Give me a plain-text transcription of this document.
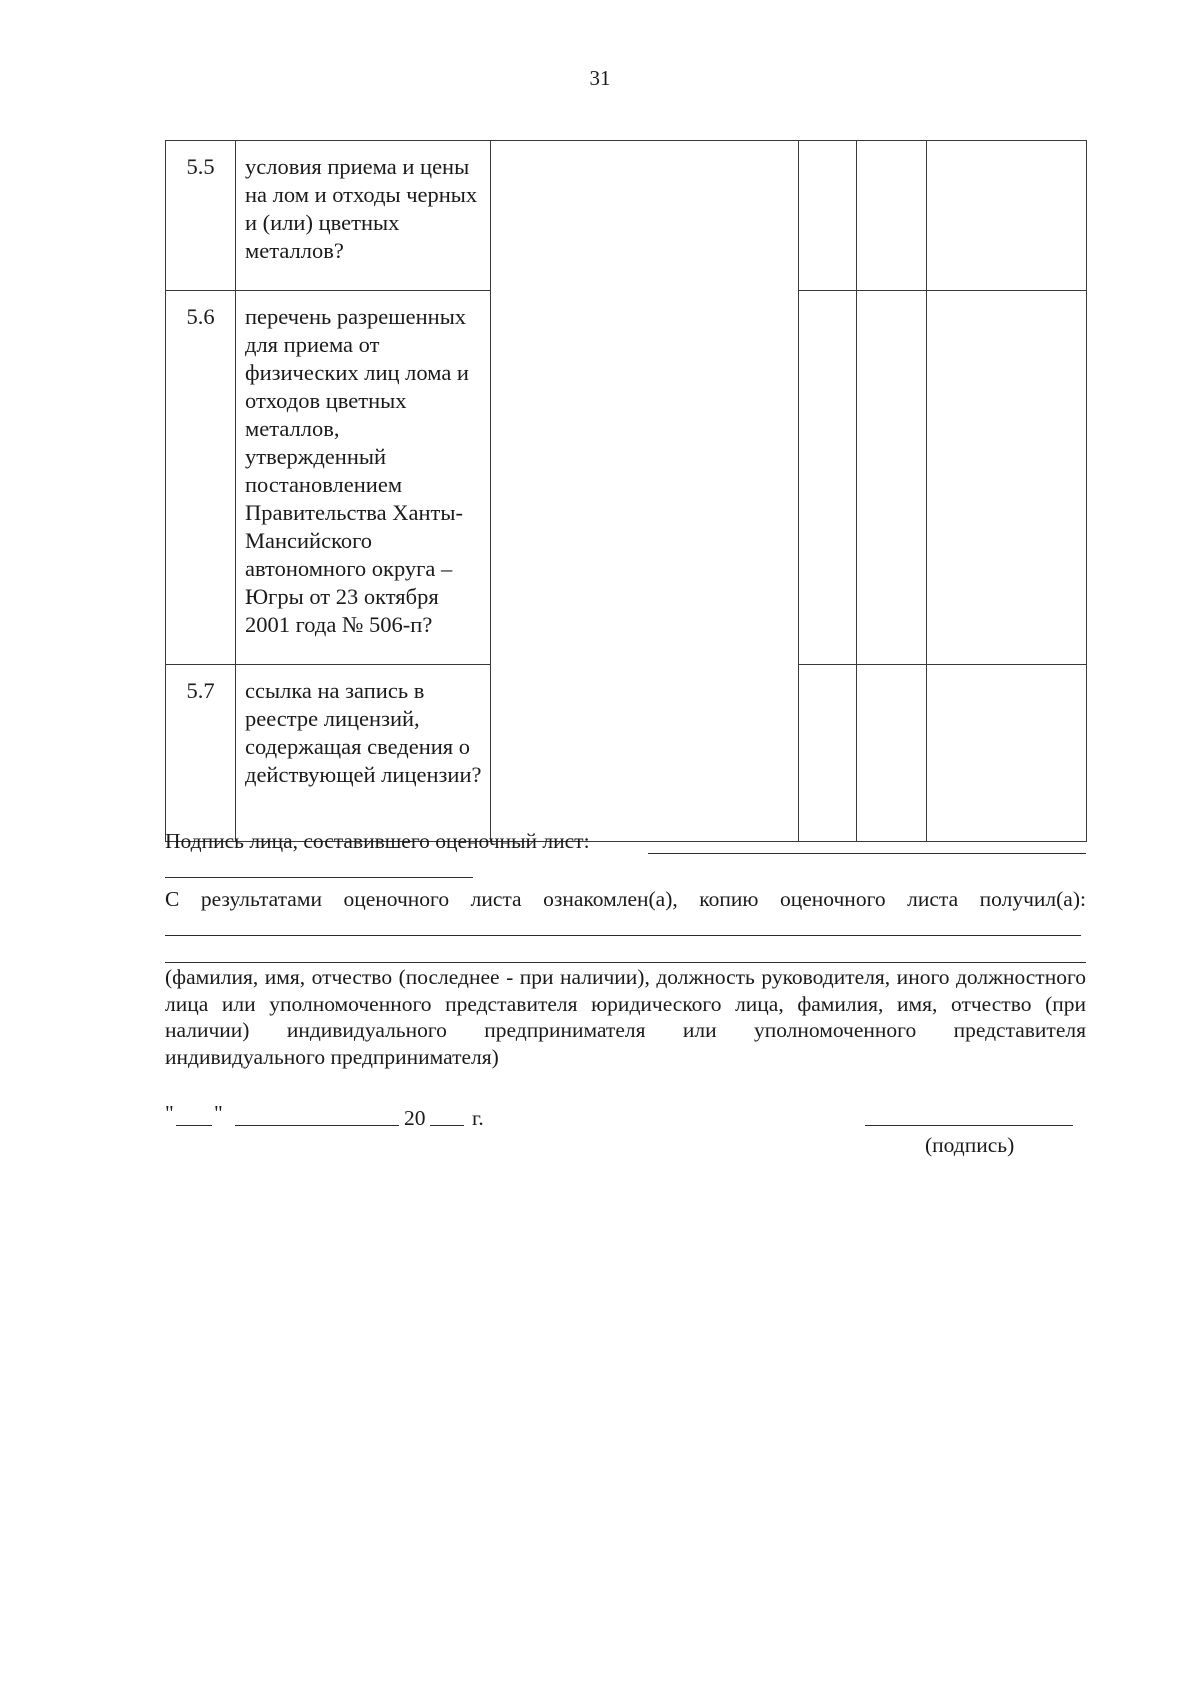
31
5.5	условия приема и цены на лом и отходы черных и (или) цветных металлов?				
5.6	перечень разрешенных для приема от физических лиц лома и отходов цветных металлов, утвержденный постановлением Правительства Ханты-Мансийского автономного округа – Югры от 23 октября 2001 года № 506-п?				
5.7	ссылка на запись в реестре лицензий, содержащая сведения о действующей лицензии?				
Подпись лица, составившего оценочный лист:
С результатами оценочного листа ознакомлен(а), копию оценочного листа получил(а):
(фамилия, имя, отчество (последнее - при наличии), должность руководителя, иного должностного лица или уполномоченного представителя юридического лица, фамилия, имя, отчество (при наличии) индивидуального предпринимателя или уполномоченного представителя индивидуального предпринимателя)
" "	20 г.
(подпись)
